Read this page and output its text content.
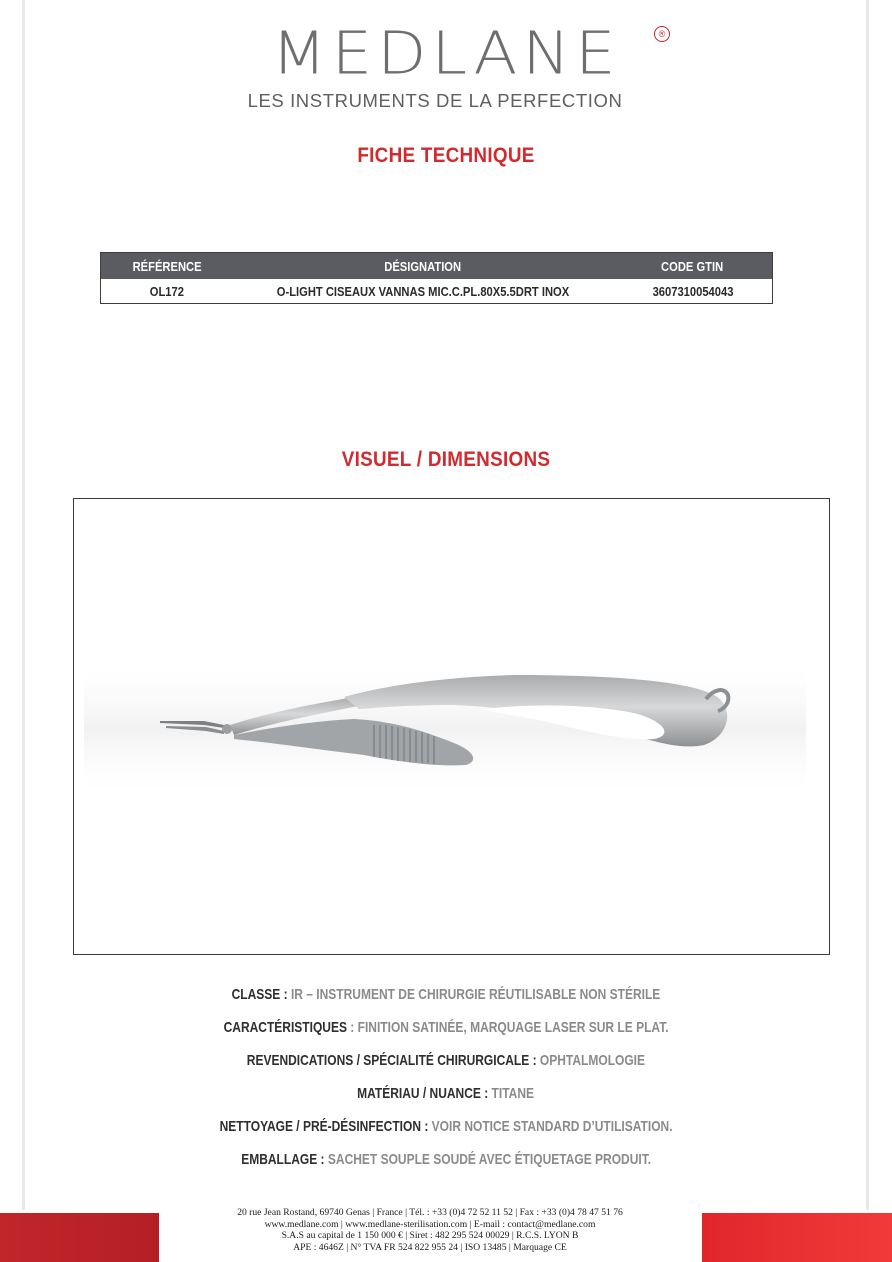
MEDLANE	®
LES INSTRUMENTS DE LA PERFECTION
FICHE TECHNIQUE
RÉFÉRENCE	DÉSIGNATION	CODE GTIN
OL172	O-LIGHT CISEAUX VANNAS MIC.C.PL.80X5.5DRT INOX	3607310054043
VISUEL / DIMENSIONS
CLASSE : IR – INSTRUMENT DE CHIRURGIE RÉUTILISABLE NON STÉRILE
CARACTÉRISTIQUES : FINITION SATINÉE, MARQUAGE LASER SUR LE PLAT.
REVENDICATIONS / SPÉCIALITÉ CHIRURGICALE : OPHTALMOLOGIE
MATÉRIAU / NUANCE : TITANE
NETTOYAGE / PRÉ-DÉSINFECTION : VOIR NOTICE STANDARD D’UTILISATION.
EMBALLAGE : SACHET SOUPLE SOUDÉ AVEC ÉTIQUETAGE PRODUIT.
20 rue Jean Rostand, 69740 Genas | France | Tél. : +33 (0)4 72 52 11 52 | Fax : +33 (0)4 78 47 51 76
www.medlane.com | www.medlane-sterilisation.com | E-mail : contact@medlane.com
S.A.S au capital de 1 150 000 € | Siret : 482 295 524 00029 | R.C.S. LYON B
APE : 4646Z | N° TVA FR 524 822 955 24 | ISO 13485 | Marquage CE
